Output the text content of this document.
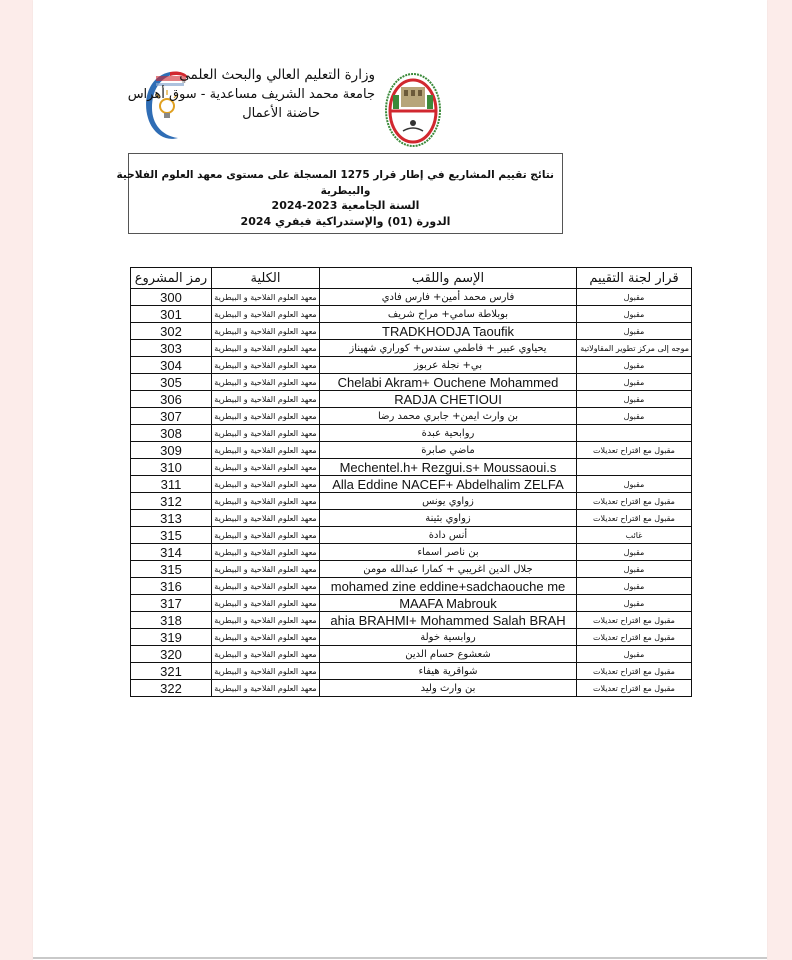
وزارة التعليم العالي والبحث العلمي
جامعة محمد الشريف مساعدية - سوق أهراس
حاضنة الأعمال
نتائج تقييم المشاريع في إطار قرار 1275 المسجلة على مستوى معهد العلوم الفلاحية
والبيطرية
السنة الجامعية 2023-2024
الدورة (01) والإستدراكية فيفري 2024
قرار لجنة التقييم	الإسم واللقب	الكلية	رمز المشروع
مقبول	فارس محمد أمين+ فارس فادي	معهد العلوم الفلاحية و البيطرية	300
مقبول	بوبلاطة سامي+ مراح شريف	معهد العلوم الفلاحية و البيطرية	301
مقبول	TRADKHODJA Taoufik	معهد العلوم الفلاحية و البيطرية	302
موجه إلى مركز تطوير المقاولاتية	يحياوي عبير + فاطمي سندس+ كوراري شهيناز	معهد العلوم الفلاحية و البيطرية	303
مقبول	بي+ نجلة عربوز	معهد العلوم الفلاحية و البيطرية	304
مقبول	Chelabi Akram+ Ouchene Mohammed	معهد العلوم الفلاحية و البيطرية	305
مقبول	RADJA CHETIOUI	معهد العلوم الفلاحية و البيطرية	306
مقبول	بن وارث ايمن+ جابري محمد رضا	معهد العلوم الفلاحية و البيطرية	307
	روابحية عبدة	معهد العلوم الفلاحية و البيطرية	308
مقبول مع اقتراح تعديلات	ماضي صابرة	معهد العلوم الفلاحية و البيطرية	309
	Mechentel.h+ Rezgui.s+ Moussaoui.s	معهد العلوم الفلاحية و البيطرية	310
مقبول	Alla Eddine NACEF+ Abdelhalim ZELFA	معهد العلوم الفلاحية و البيطرية	311
مقبول مع اقتراح تعديلات	زواوي يونس	معهد العلوم الفلاحية و البيطرية	312
مقبول مع اقتراح تعديلات	زواوي بثينة	معهد العلوم الفلاحية و البيطرية	313
غائب	أنس دادة	معهد العلوم الفلاحية و البيطرية	315
مقبول	بن ناصر اسماء	معهد العلوم الفلاحية و البيطرية	314
مقبول	جلال الدين اغريبي + كمارا عبدالله مومن	معهد العلوم الفلاحية و البيطرية	315
مقبول	mohamed zine eddine+sadchaouche me	معهد العلوم الفلاحية و البيطرية	316
مقبول	MAAFA Mabrouk	معهد العلوم الفلاحية و البيطرية	317
مقبول مع اقتراح تعديلات	ahia BRAHMI+ Mohammed Salah BRAH	معهد العلوم الفلاحية و البيطرية	318
مقبول مع اقتراح تعديلات	روابسية خولة	معهد العلوم الفلاحية و البيطرية	319
مقبول	شعشوع حسام الدين	معهد العلوم الفلاحية و البيطرية	320
مقبول مع اقتراح تعديلات	شواقرية هيفاء	معهد العلوم الفلاحية و البيطرية	321
مقبول مع اقتراح تعديلات	بن وارث وليد	معهد العلوم الفلاحية و البيطرية	322
